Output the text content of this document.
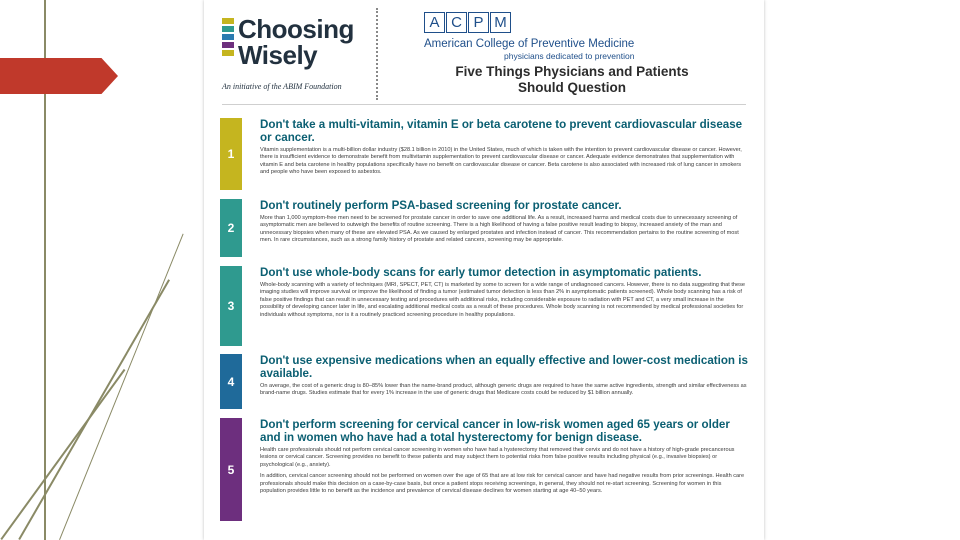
Choosing
Wisely
An initiative of the ABIM Foundation
A C P M
American College of Preventive Medicine
physicians dedicated to prevention
Five Things Physicians and Patients Should Question
1

Don't take a multi-vitamin, vitamin E or beta carotene to prevent cardiovascular disease or cancer.

Vitamin supplementation is a multi-billion dollar industry ($28.1 billion in 2010) in the United States, much of which is taken with the intention to prevent cardiovascular disease or cancer. However, there is insufficient evidence to demonstrate benefit from multivitamin supplementation to prevent cardiovascular disease or cancer. Adequate evidence demonstrates that supplementation with vitamin E and beta carotene in healthy populations specifically have no benefit on cardiovascular disease or cancer. Beta carotene is also associated with increased risk of lung cancer in smokers and people who have been exposed to asbestos.

2

Don't routinely perform PSA-based screening for prostate cancer.

More than 1,000 symptom-free men need to be screened for prostate cancer in order to save one additional life. As a result, increased harms and medical costs due to unnecessary screening of asymptomatic men are believed to outweigh the benefits of routine screening. There is a high likelihood of having a false positive result leading to biopsy, increased anxiety of the man and unnecessary biopsies when many of these are elevated PSA. As we caused by enlarged prostates and infection instead of cancer. This recommendation pertains to the routine screening of most men. In rare circumstances, such as a strong family history of prostate and related cancers, screening may be appropriate.

3

Don't use whole-body scans for early tumor detection in asymptomatic patients.

Whole-body scanning with a variety of techniques (MRI, SPECT, PET, CT) is marketed by some to screen for a wide range of undiagnosed cancers. However, there is no data suggesting that these imaging studies will improve survival or improve the likelihood of finding a tumor (estimated tumor detection is less than 2% in asymptomatic patients screened). Whole body scanning has a risk of false positive findings that can result in unnecessary testing and procedures with additional risks, including considerable exposure to radiation with PET and CT, a very small increase in the possibility of developing cancer later in life, and escalating additional medical costs as a result of these procedures. Whole body scanning is not recommended by medical professional societies for individuals without symptoms, nor is it a routinely practiced screening procedure in healthy populations.

4

Don't use expensive medications when an equally effective and lower-cost medication is available.

On average, the cost of a generic drug is 80–85% lower than the name-brand product, although generic drugs are required to have the same active ingredients, strength and similar effectiveness as brand-name drugs. Studies estimate that for every 1% increase in the use of generic drugs that Medicare costs could be reduced by $1 billion annually.

5

Don't perform screening for cervical cancer in low-risk women aged 65 years or older and in women who have had a total hysterectomy for benign disease.

Health care professionals should not perform cervical cancer screening in women who have had a hysterectomy that removed their cervix and do not have a history of high-grade precancerous lesions or cervical cancer. Screening provides no benefit to these patients and may subject them to potential risks from false positive results including physical (e.g., invasive biopsies) or psychological (e.g., anxiety).

In addition, cervical cancer screening should not be performed on women over the age of 65 that are at low risk for cervical cancer and have had negative results from prior screenings. Health care professionals should make this decision on a case-by-case basis, but once a patient stops receiving screenings, in general, they should not re-start screening. Screening for women in this population provides little to no benefit as the incidence and prevalence of cervical disease declines for women starting at age 40–50 years.
